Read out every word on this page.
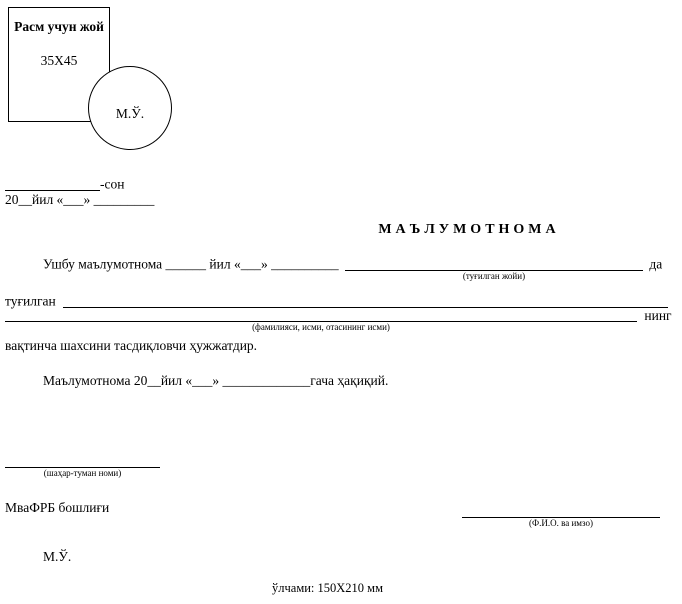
Расм учун жой
35X45
М.Ў.
-сон
20__йил «___» _________
МАЪЛУМОТНОМА
Ушбу маълумотнома ______ йил «___» __________
(туғилган жойи)
да
туғилган
(фамилияси, исми, отасининг исми)
нинг
вақтинча шахсини тасдиқловчи ҳужжатдир.
Маълумотнома 20__йил «___» _____________гача ҳақиқий.
(шаҳар-туман номи)
МваФРБ бошлиғи
(Ф.И.О. ва имзо)
М.Ў.
ўлчами: 150Х210 мм
